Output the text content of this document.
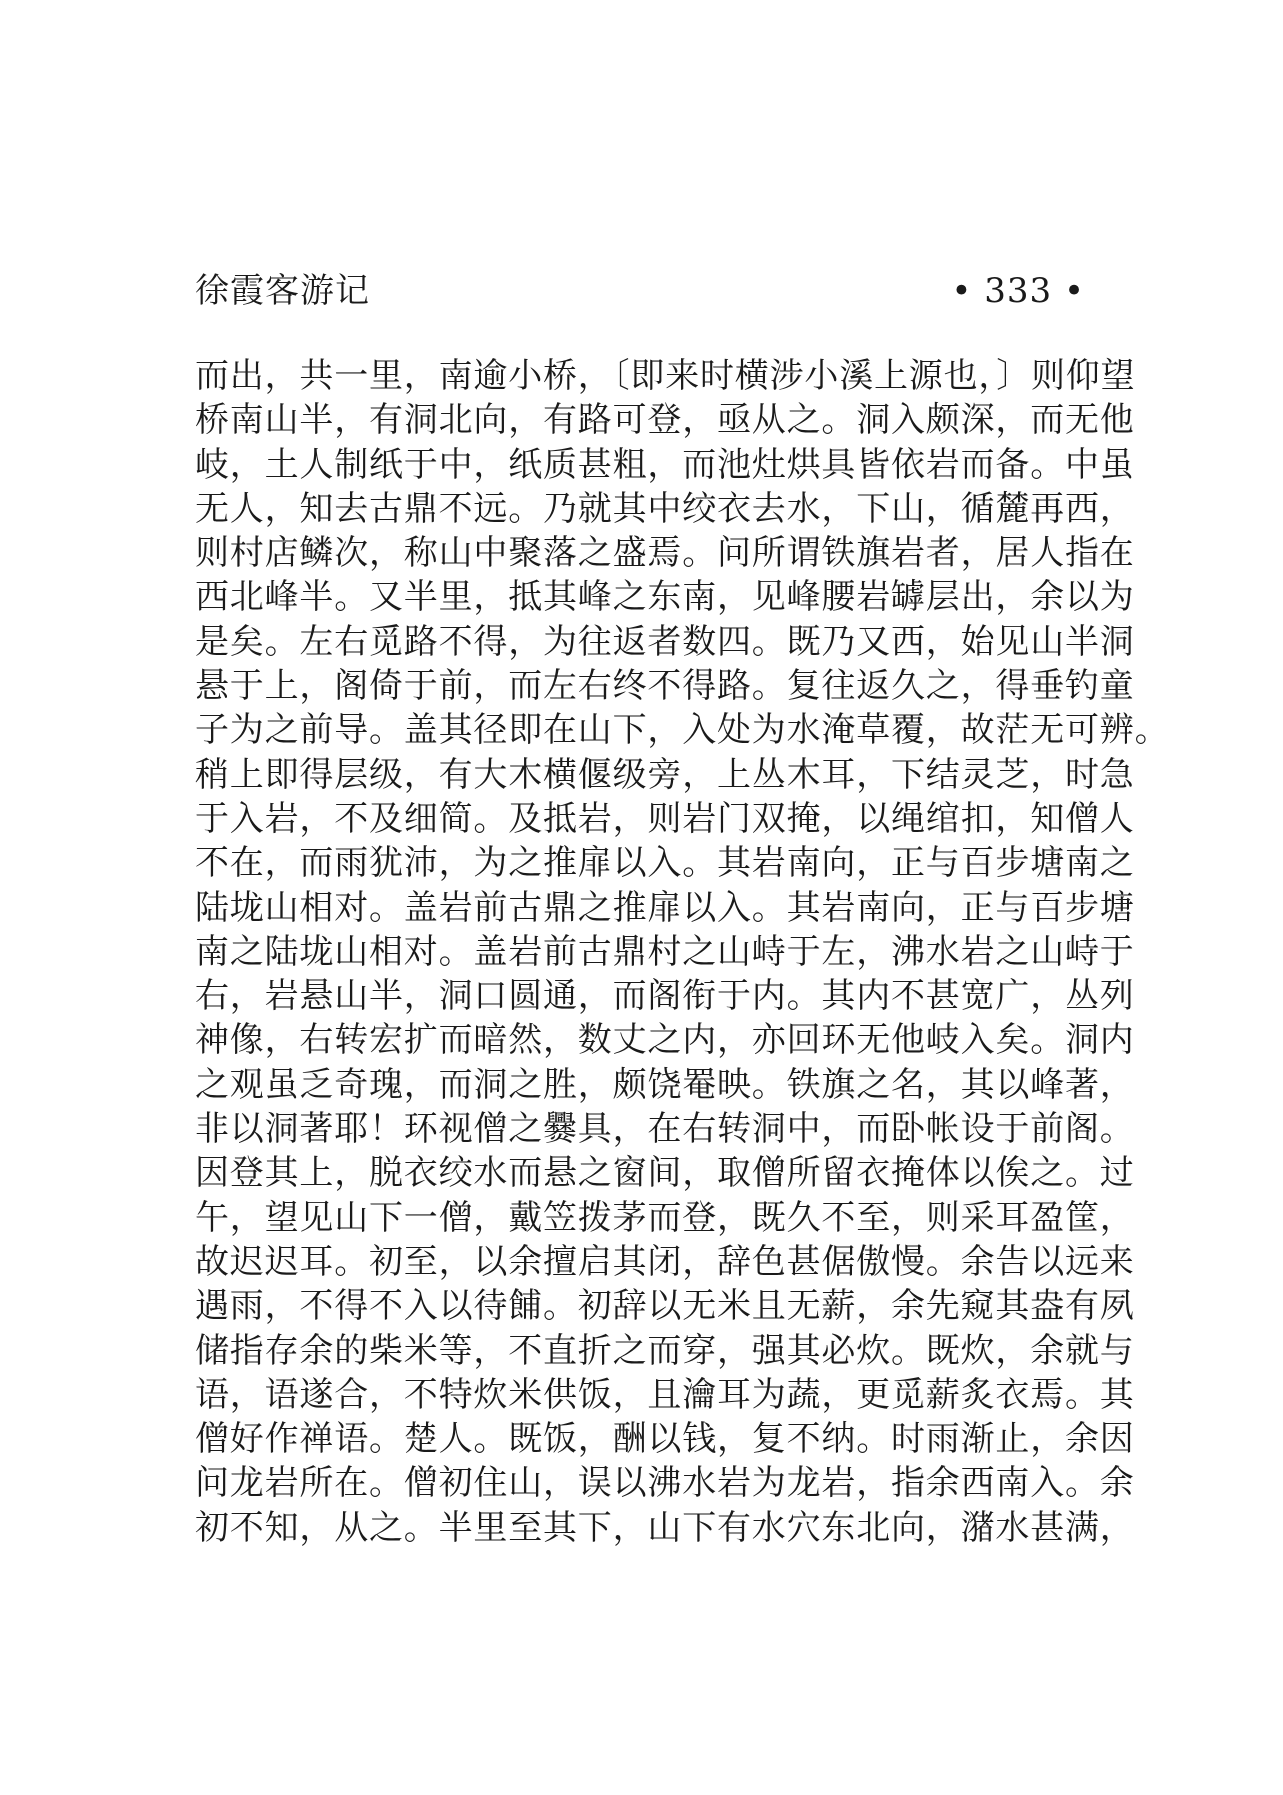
徐霞客游记	• 333 •
而出，共一里，南逾小桥，〔即来时横涉小溪上源也，〕则仰望
桥南山半，有洞北向，有路可登，亟从之。洞入颇深，而无他
岐，土人制纸于中，纸质甚粗，而池灶烘具皆依岩而备。中虽
无人，知去古鼎不远。乃就其中绞衣去水，下山，循麓再西，
则村店鳞次，称山中聚落之盛焉。问所谓铁旗岩者，居人指在
西北峰半。又半里，抵其峰之东南，见峰腰岩罅层出，余以为
是矣。左右觅路不得，为往返者数四。既乃又西，始见山半洞
悬于上，阁倚于前，而左右终不得路。复往返久之，得垂钓童
子为之前导。盖其径即在山下，入处为水淹草覆，故茫无可辨。
稍上即得层级，有大木横偃级旁，上丛木耳，下结灵芝，时急
于入岩，不及细简。及抵岩，则岩门双掩，以绳绾扣，知僧人
不在，而雨犹沛，为之推扉以入。其岩南向，正与百步塘南之
陆垅山相对。盖岩前古鼎之推扉以入。其岩南向，正与百步塘
南之陆垅山相对。盖岩前古鼎村之山峙于左，沸水岩之山峙于
右，岩悬山半，洞口圆通，而阁衔于内。其内不甚宽广，丛列
神像，右转宏扩而暗然，数丈之内，亦回环无他岐入矣。洞内
之观虽乏奇瑰，而洞之胜，颇饶罨映。铁旗之名，其以峰著，
非以洞著耶！环视僧之爨具，在右转洞中，而卧帐设于前阁。
因登其上，脱衣绞水而悬之窗间，取僧所留衣掩体以俟之。过
午，望见山下一僧，戴笠拨茅而登，既久不至，则采耳盈筐，
故迟迟耳。初至，以余擅启其闭，辞色甚倨傲慢。余告以远来
遇雨，不得不入以待餔。初辞以无米且无薪，余先窥其盎有夙
储指存余的柴米等，不直折之而穿，强其必炊。既炊，余就与
语，语遂合，不特炊米供饭，且瀹耳为蔬，更觅薪炙衣焉。其
僧好作禅语。楚人。既饭，酬以钱，复不纳。时雨渐止，余因
问龙岩所在。僧初住山，误以沸水岩为龙岩，指余西南入。余
初不知，从之。半里至其下，山下有水穴东北向，潴水甚满，
